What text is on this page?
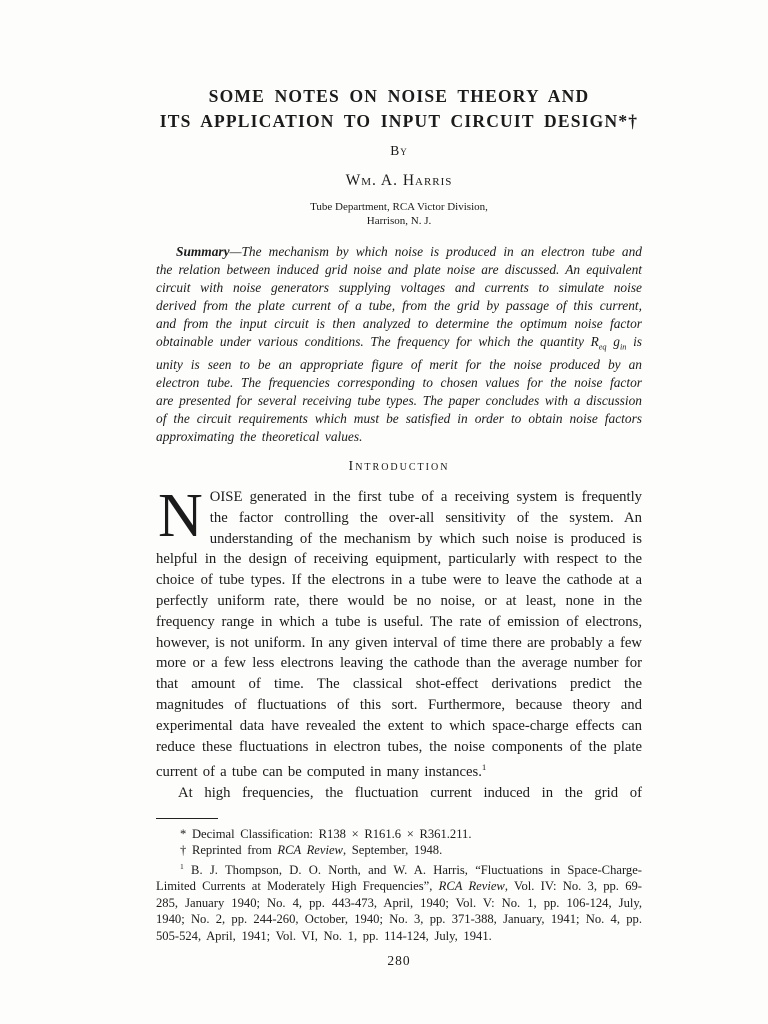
SOME NOTES ON NOISE THEORY AND
ITS APPLICATION TO INPUT CIRCUIT DESIGN*†
By
Wm. A. Harris
Tube Department, RCA Victor Division,
Harrison, N. J.

Summary—The mechanism by which noise is produced in an electron tube and the relation between induced grid noise and plate noise are discussed. An equivalent circuit with noise generators supplying voltages and currents to simulate noise derived from the plate current of a tube, from the grid by passage of this current, and from the input circuit is then analyzed to determine the optimum noise factor obtainable under various conditions. The frequency for which the quantity $R_{eq}$ $g_{in}$ is unity is seen to be an appropriate figure of merit for the noise produced by an electron tube. The frequencies corresponding to chosen values for the noise factor are presented for several receiving tube types. The paper concludes with a discussion of the circuit requirements which must be satisfied in order to obtain noise factors approximating the theoretical values.

Introduction

NOISE generated in the first tube of a receiving system is frequently the factor controlling the over-all sensitivity of the system. An understanding of the mechanism by which such noise is produced is helpful in the design of receiving equipment, particularly with respect to the choice of tube types. If the electrons in a tube were to leave the cathode at a perfectly uniform rate, there would be no noise, or at least, none in the frequency range in which a tube is useful. The rate of emission of electrons, however, is not uniform. In any given interval of time there are probably a few more or a few less electrons leaving the cathode than the average number for that amount of time. The classical shot-effect derivations predict the magnitudes of fluctuations of this sort. Furthermore, because theory and experimental data have revealed the extent to which space-charge effects can reduce these fluctuations in electron tubes, the noise components of the plate current of a tube can be computed in many instances.$^1$

At high frequencies, the fluctuation current induced in the grid of

* Decimal Classification: R138 × R161.6 × R361.211.

† Reprinted from RCA Review, September, 1948.

$^1$ B. J. Thompson, D. O. North, and W. A. Harris, “Fluctuations in Space-Charge-Limited Currents at Moderately High Frequencies”, RCA Review, Vol. IV: No. 3, pp. 69-285, January 1940; No. 4, pp. 443-473, April, 1940; Vol. V: No. 1, pp. 106-124, July, 1940; No. 2, pp. 244-260, October, 1940; No. 3, pp. 371-388, January, 1941; No. 4, pp. 505-524, April, 1941; Vol. VI, No. 1, pp. 114-124, July, 1941.

280
